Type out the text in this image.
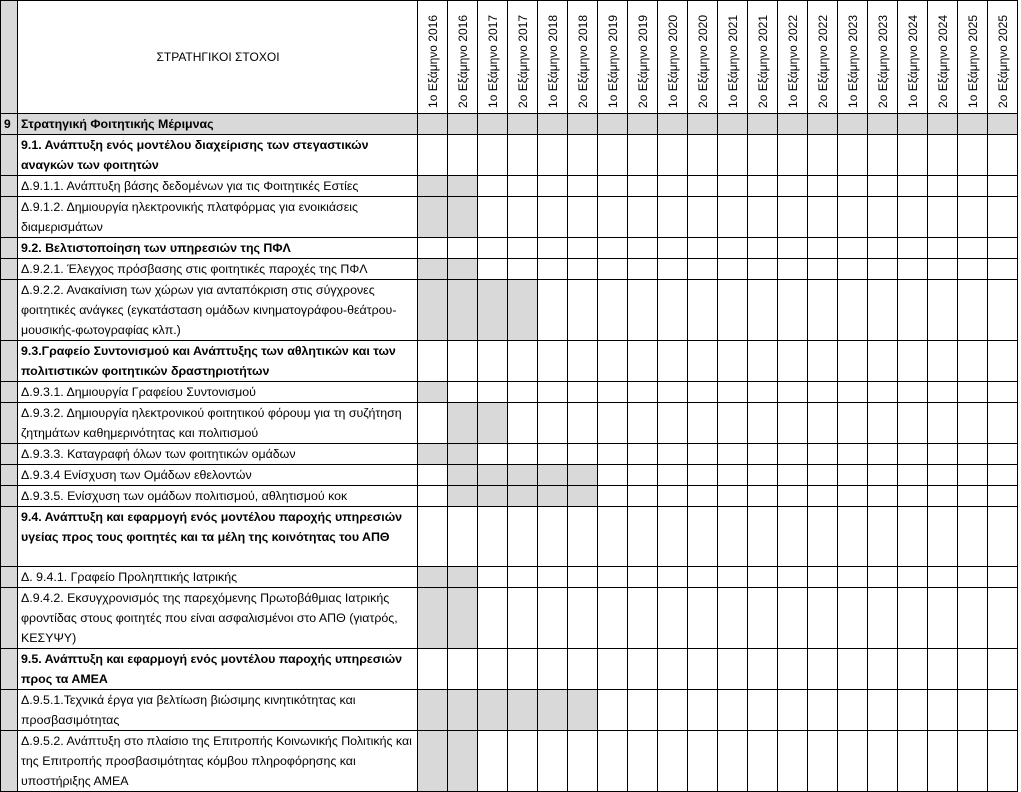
	ΣΤΡΑΤΗΓΙΚΟΙ ΣΤΟΧΟΙ	1ο Εξάμηνο 2016	2ο Εξάμηνο 2016	1ο Εξάμηνο 2017	2ο Εξάμηνο 2017	1ο Εξάμηνο 2018	2ο Εξάμηνο 2018	1ο Εξάμηνο 2019	2ο Εξάμηνο 2019	1ο Εξάμηνο 2020	2ο Εξάμηνο 2020	1ο Εξάμηνο 2021	2ο Εξάμηνο 2021	1ο Εξάμηνο 2022	2ο Εξάμηνο 2022	1ο Εξάμηνο 2023	2ο Εξάμηνο 2023	1ο Εξάμηνο 2024	2ο Εξάμηνο 2024	1ο Εξάμηνο 2025	2ο Εξάμηνο 2025
9	Στρατηγική Φοιτητικής Μέριμνας																				
	9.1. Ανάπτυξη ενός μοντέλου διαχείρισης των στεγαστικών αναγκών των φοιτητών																				
	Δ.9.1.1. Ανάπτυξη βάσης δεδομένων για τις Φοιτητικές Εστίες																				
	Δ.9.1.2. Δημιουργία ηλεκτρονικής πλατφόρμας για ενοικιάσεις διαμερισμάτων																				
	9.2. Βελτιστοποίηση των υπηρεσιών της ΠΦΛ																				
	Δ.9.2.1. Έλεγχος πρόσβασης στις φοιτητικές παροχές της ΠΦΛ																				
	Δ.9.2.2. Ανακαίνιση των χώρων για ανταπόκριση στις σύγχρονες φοιτητικές ανάγκες (εγκατάσταση ομάδων κινηματογράφου-θεάτρου-μουσικής-φωτογραφίας κλπ.)																				
	9.3.Γραφείο Συντονισμού και Ανάπτυξης των αθλητικών και των πολιτιστικών φοιτητικών δραστηριοτήτων																				
	Δ.9.3.1. Δημιουργία Γραφείου Συντονισμού																				
	Δ.9.3.2. Δημιουργία ηλεκτρονικού φοιτητικού φόρουμ για τη συζήτηση ζητημάτων καθημερινότητας και πολιτισμού																				
	Δ.9.3.3. Καταγραφή όλων των φοιτητικών ομάδων																				
	Δ.9.3.4 Ενίσχυση των Ομάδων εθελοντών																				
	Δ.9.3.5. Ενίσχυση των ομάδων πολιτισμού, αθλητισμού κοκ																				
	9.4. Ανάπτυξη και εφαρμογή ενός μοντέλου παροχής υπηρεσιών υγείας προς τους φοιτητές και τα μέλη της κοινότητας του ΑΠΘ																				
	Δ. 9.4.1. Γραφείο Προληπτικής Ιατρικής																				
	Δ.9.4.2. Εκσυγχρονισμός της παρεχόμενης Πρωτοβάθμιας Ιατρικής φροντίδας στους φοιτητές που είναι ασφαλισμένοι στο ΑΠΘ (γιατρός, ΚΕΣΥΨΥ)																				
	9.5. Ανάπτυξη και εφαρμογή ενός μοντέλου παροχής υπηρεσιών προς τα ΑΜΕΑ																				
	Δ.9.5.1.Τεχνικά έργα για βελτίωση βιώσιμης κινητικότητας και προσβασιμότητας																				
	Δ.9.5.2. Ανάπτυξη στο πλαίσιο της Επιτροπής Κοινωνικής Πολιτικής και της Επιτροπής προσβασιμότητας κόμβου πληροφόρησης και υποστήριξης ΑΜΕΑ																				
